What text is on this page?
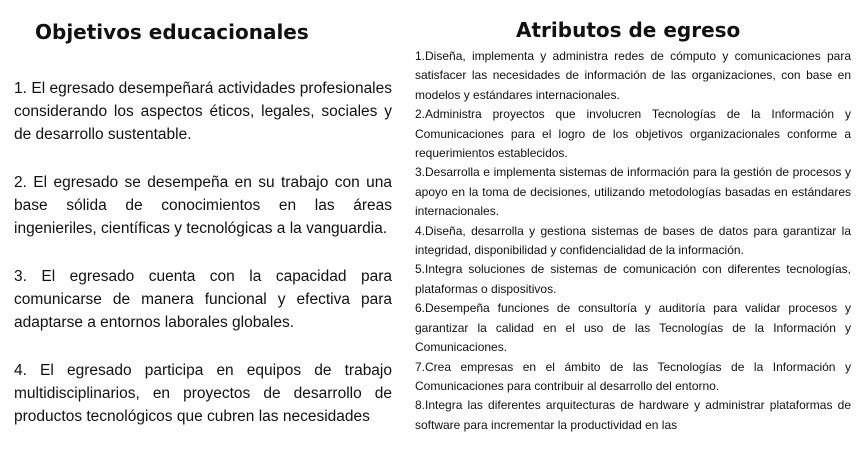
Objetivos educacionales

1. El egresado desempeñará actividades profesionales considerando los aspectos éticos, legales, sociales y de desarrollo sustentable.

2. El egresado se desempeña en su trabajo con una base sólida de conocimientos en las áreas ingenieriles, científicas y tecnológicas a la vanguardia.

3. El egresado cuenta con la capacidad para comunicarse de manera funcional y efectiva para adaptarse a entornos laborales globales.

4. El egresado participa en equipos de trabajo multidisciplinarios, en proyectos de desarrollo de productos tecnológicos que cubren las necesidades

Atributos de egreso

1.Diseña, implementa y administra redes de cómputo y comunicaciones para satisfacer las necesidades de información de las organizaciones, con base en modelos y estándares internacionales.

2.Administra proyectos que involucren Tecnologías de la Información y Comunicaciones para el logro de los objetivos organizacionales conforme a requerimientos establecidos.

3.Desarrolla e implementa sistemas de información para la gestión de procesos y apoyo en la toma de decisiones, utilizando metodologías basadas en estándares internacionales.

4.Diseña, desarrolla y gestiona sistemas de bases de datos para garantizar la integridad, disponibilidad y confidencialidad de la información.

5.Integra soluciones de sistemas de comunicación con diferentes tecnologías, plataformas o dispositivos.

6.Desempeña funciones de consultoría y auditoría para validar procesos y garantizar la calidad en el uso de las Tecnologías de la Información y Comunicaciones.

7.Crea empresas en el ámbito de las Tecnologías de la Información y Comunicaciones para contribuir al desarrollo del entorno.

8.Integra las diferentes arquitecturas de hardware y administrar plataformas de software para incrementar la productividad en las
